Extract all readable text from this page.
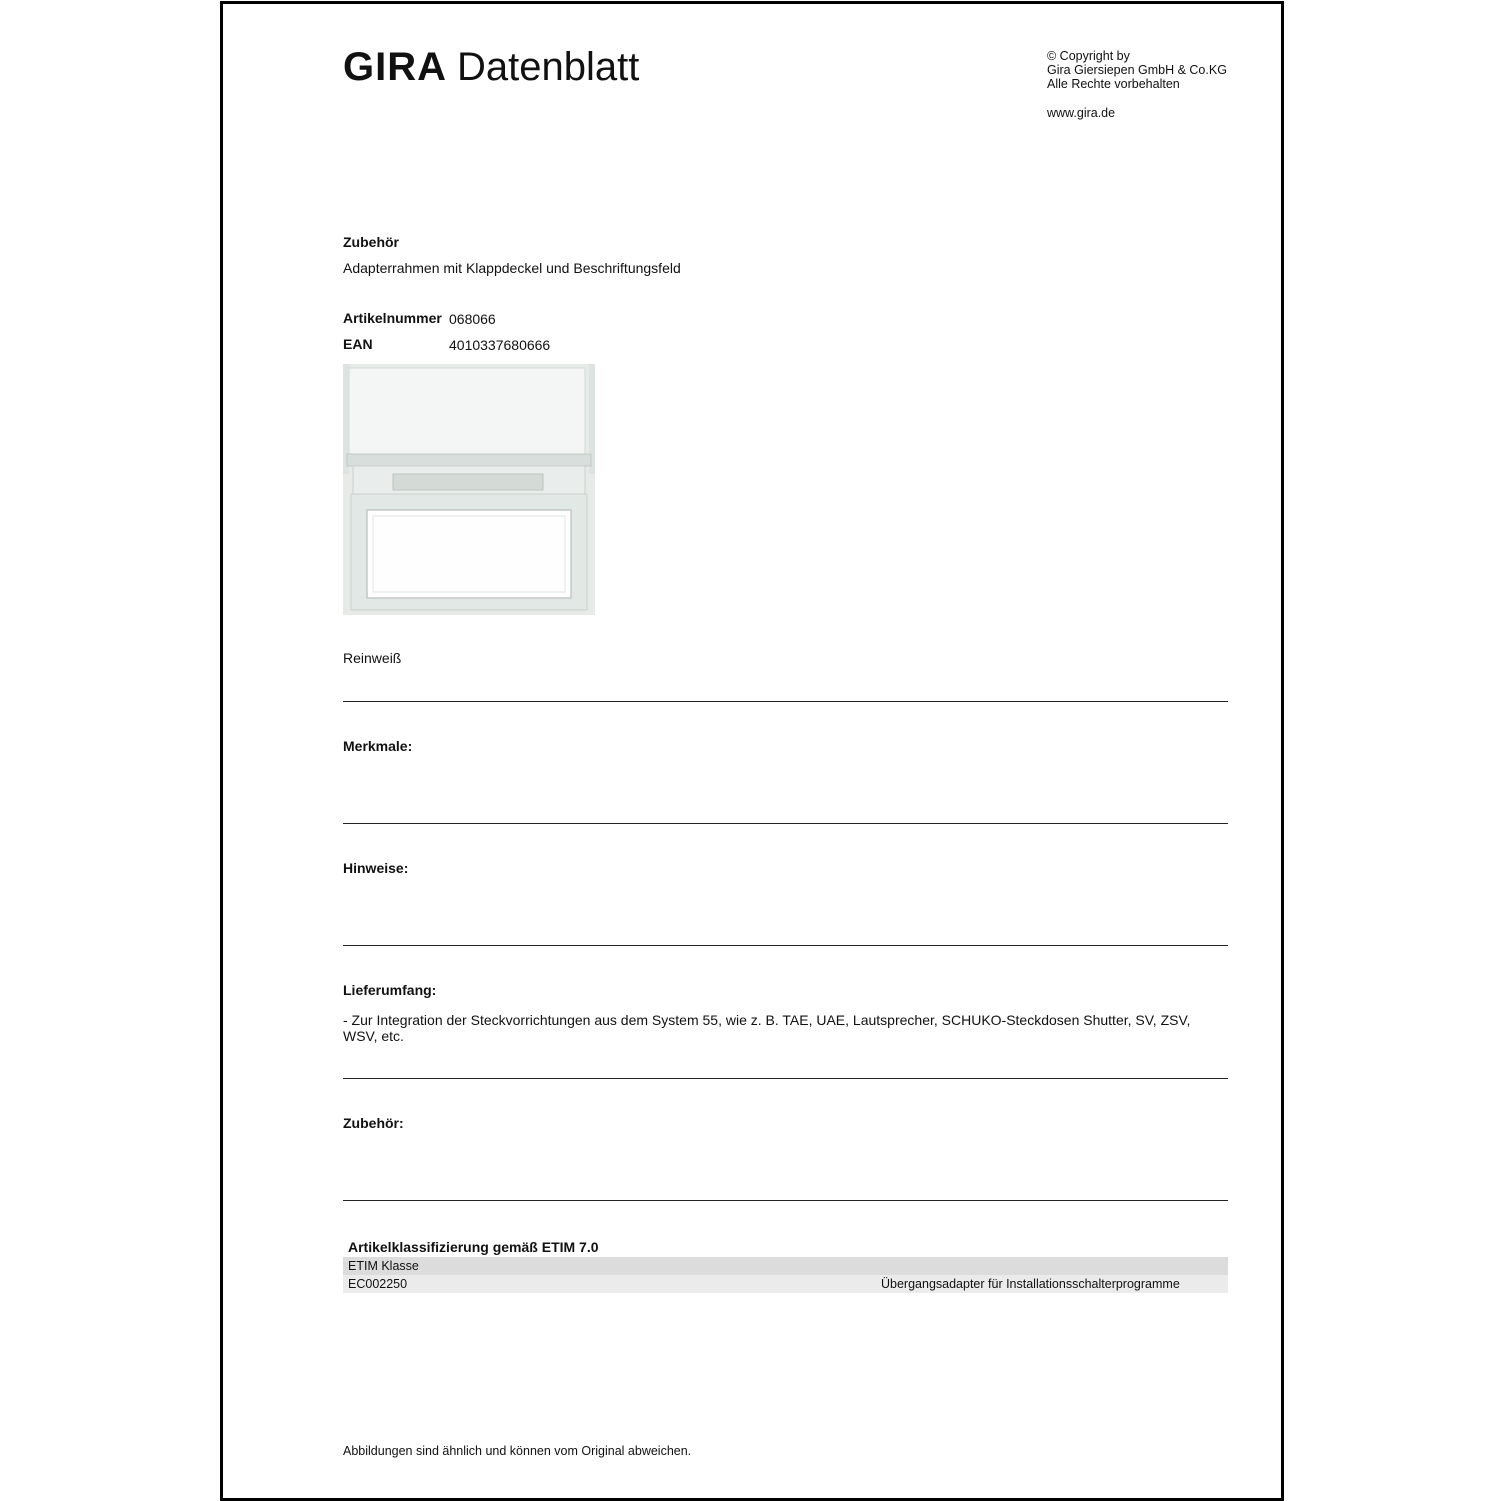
GIRA Datenblatt	© Copyright by
Gira Giersiepen GmbH & Co.KG
Alle Rechte vorbehalten
www.gira.de
Zubehör
Adapterrahmen mit Klappdeckel und Beschriftungsfeld
Artikelnummer 068066
EAN	4010337680666
Reinweiß
Merkmale:
Hinweise:
Lieferumfang:
- Zur Integration der Steckvorrichtungen aus dem System 55, wie z. B. TAE, UAE, Lautsprecher, SCHUKO-Steckdosen Shutter, SV, ZSV, WSV, etc.
Zubehör:
Artikelklassifizierung gemäß ETIM 7.0
ETIM Klasse
EC002250	Übergangsadapter für Installationsschalterprogramme
Abbildungen sind ähnlich und können vom Original abweichen.
